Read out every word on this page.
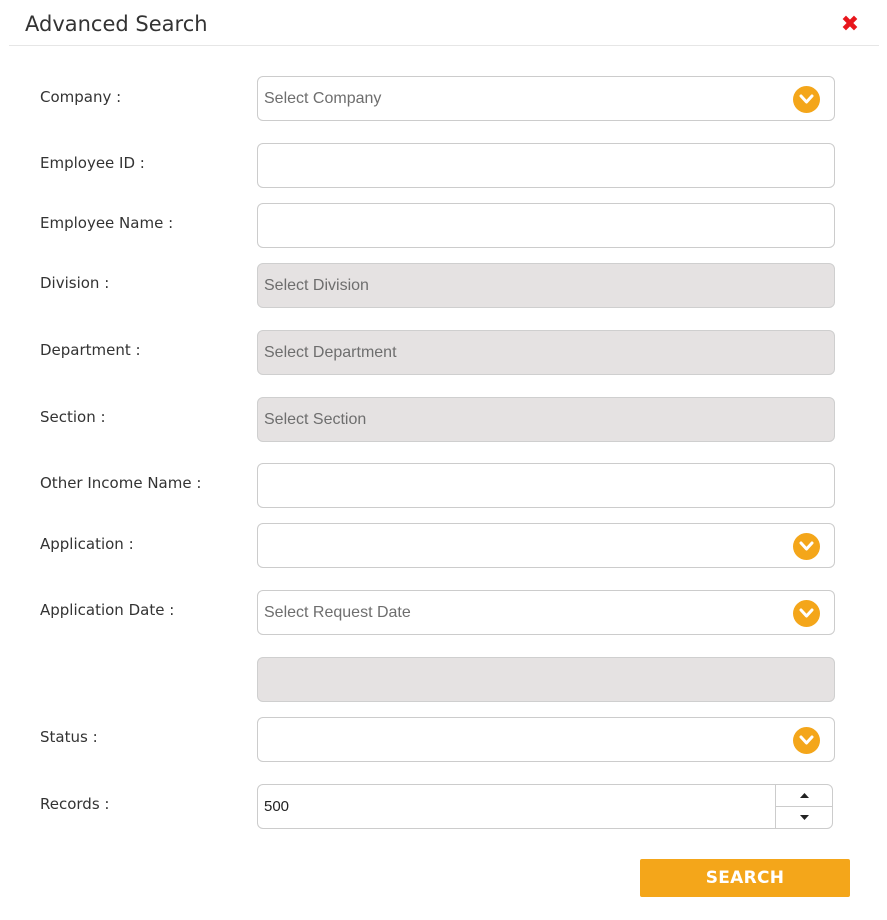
Advanced Search	✖
Company :	Select Company
Employee ID :
Employee Name :
Division :	Select Division
Department :	Select Department
Section :	Select Section
Other Income Name :
Application :
Application Date :	Select Request Date
Status :
Records :	500
SEARCH
